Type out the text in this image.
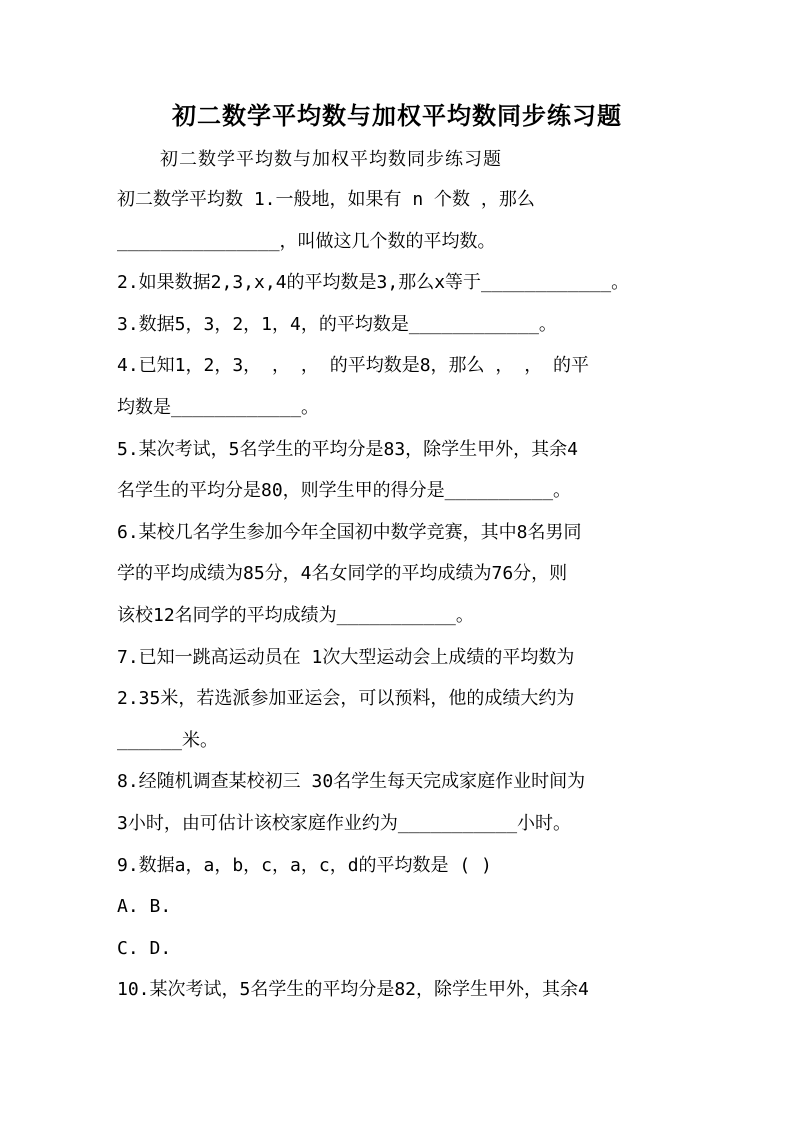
初二数学平均数与加权平均数同步练习题
初二数学平均数与加权平均数同步练习题
初二数学平均数 1.一般地，如果有 n 个数 ，那么
_______________，叫做这几个数的平均数。
2.如果数据2,3,x,4的平均数是3,那么x等于____________。
3.数据5，3，2，1，4，的平均数是____________。
4.已知1，2，3， ， ， 的平均数是8，那么 ， ， 的平
均数是____________。
5.某次考试，5名学生的平均分是83，除学生甲外，其余4
名学生的平均分是80，则学生甲的得分是__________。
6.某校几名学生参加今年全国初中数学竞赛，其中8名男同
学的平均成绩为85分，4名女同学的平均成绩为76分，则
该校12名同学的平均成绩为___________。
7.已知一跳高运动员在 1次大型运动会上成绩的平均数为
2.35米，若选派参加亚运会，可以预料，他的成绩大约为
______米。
8.经随机调查某校初三 30名学生每天完成家庭作业时间为
3小时，由可估计该校家庭作业约为___________小时。
9.数据a，a，b，c，a，c，d的平均数是 ( )
A. B.
C. D.
10.某次考试，5名学生的平均分是82，除学生甲外，其余4
